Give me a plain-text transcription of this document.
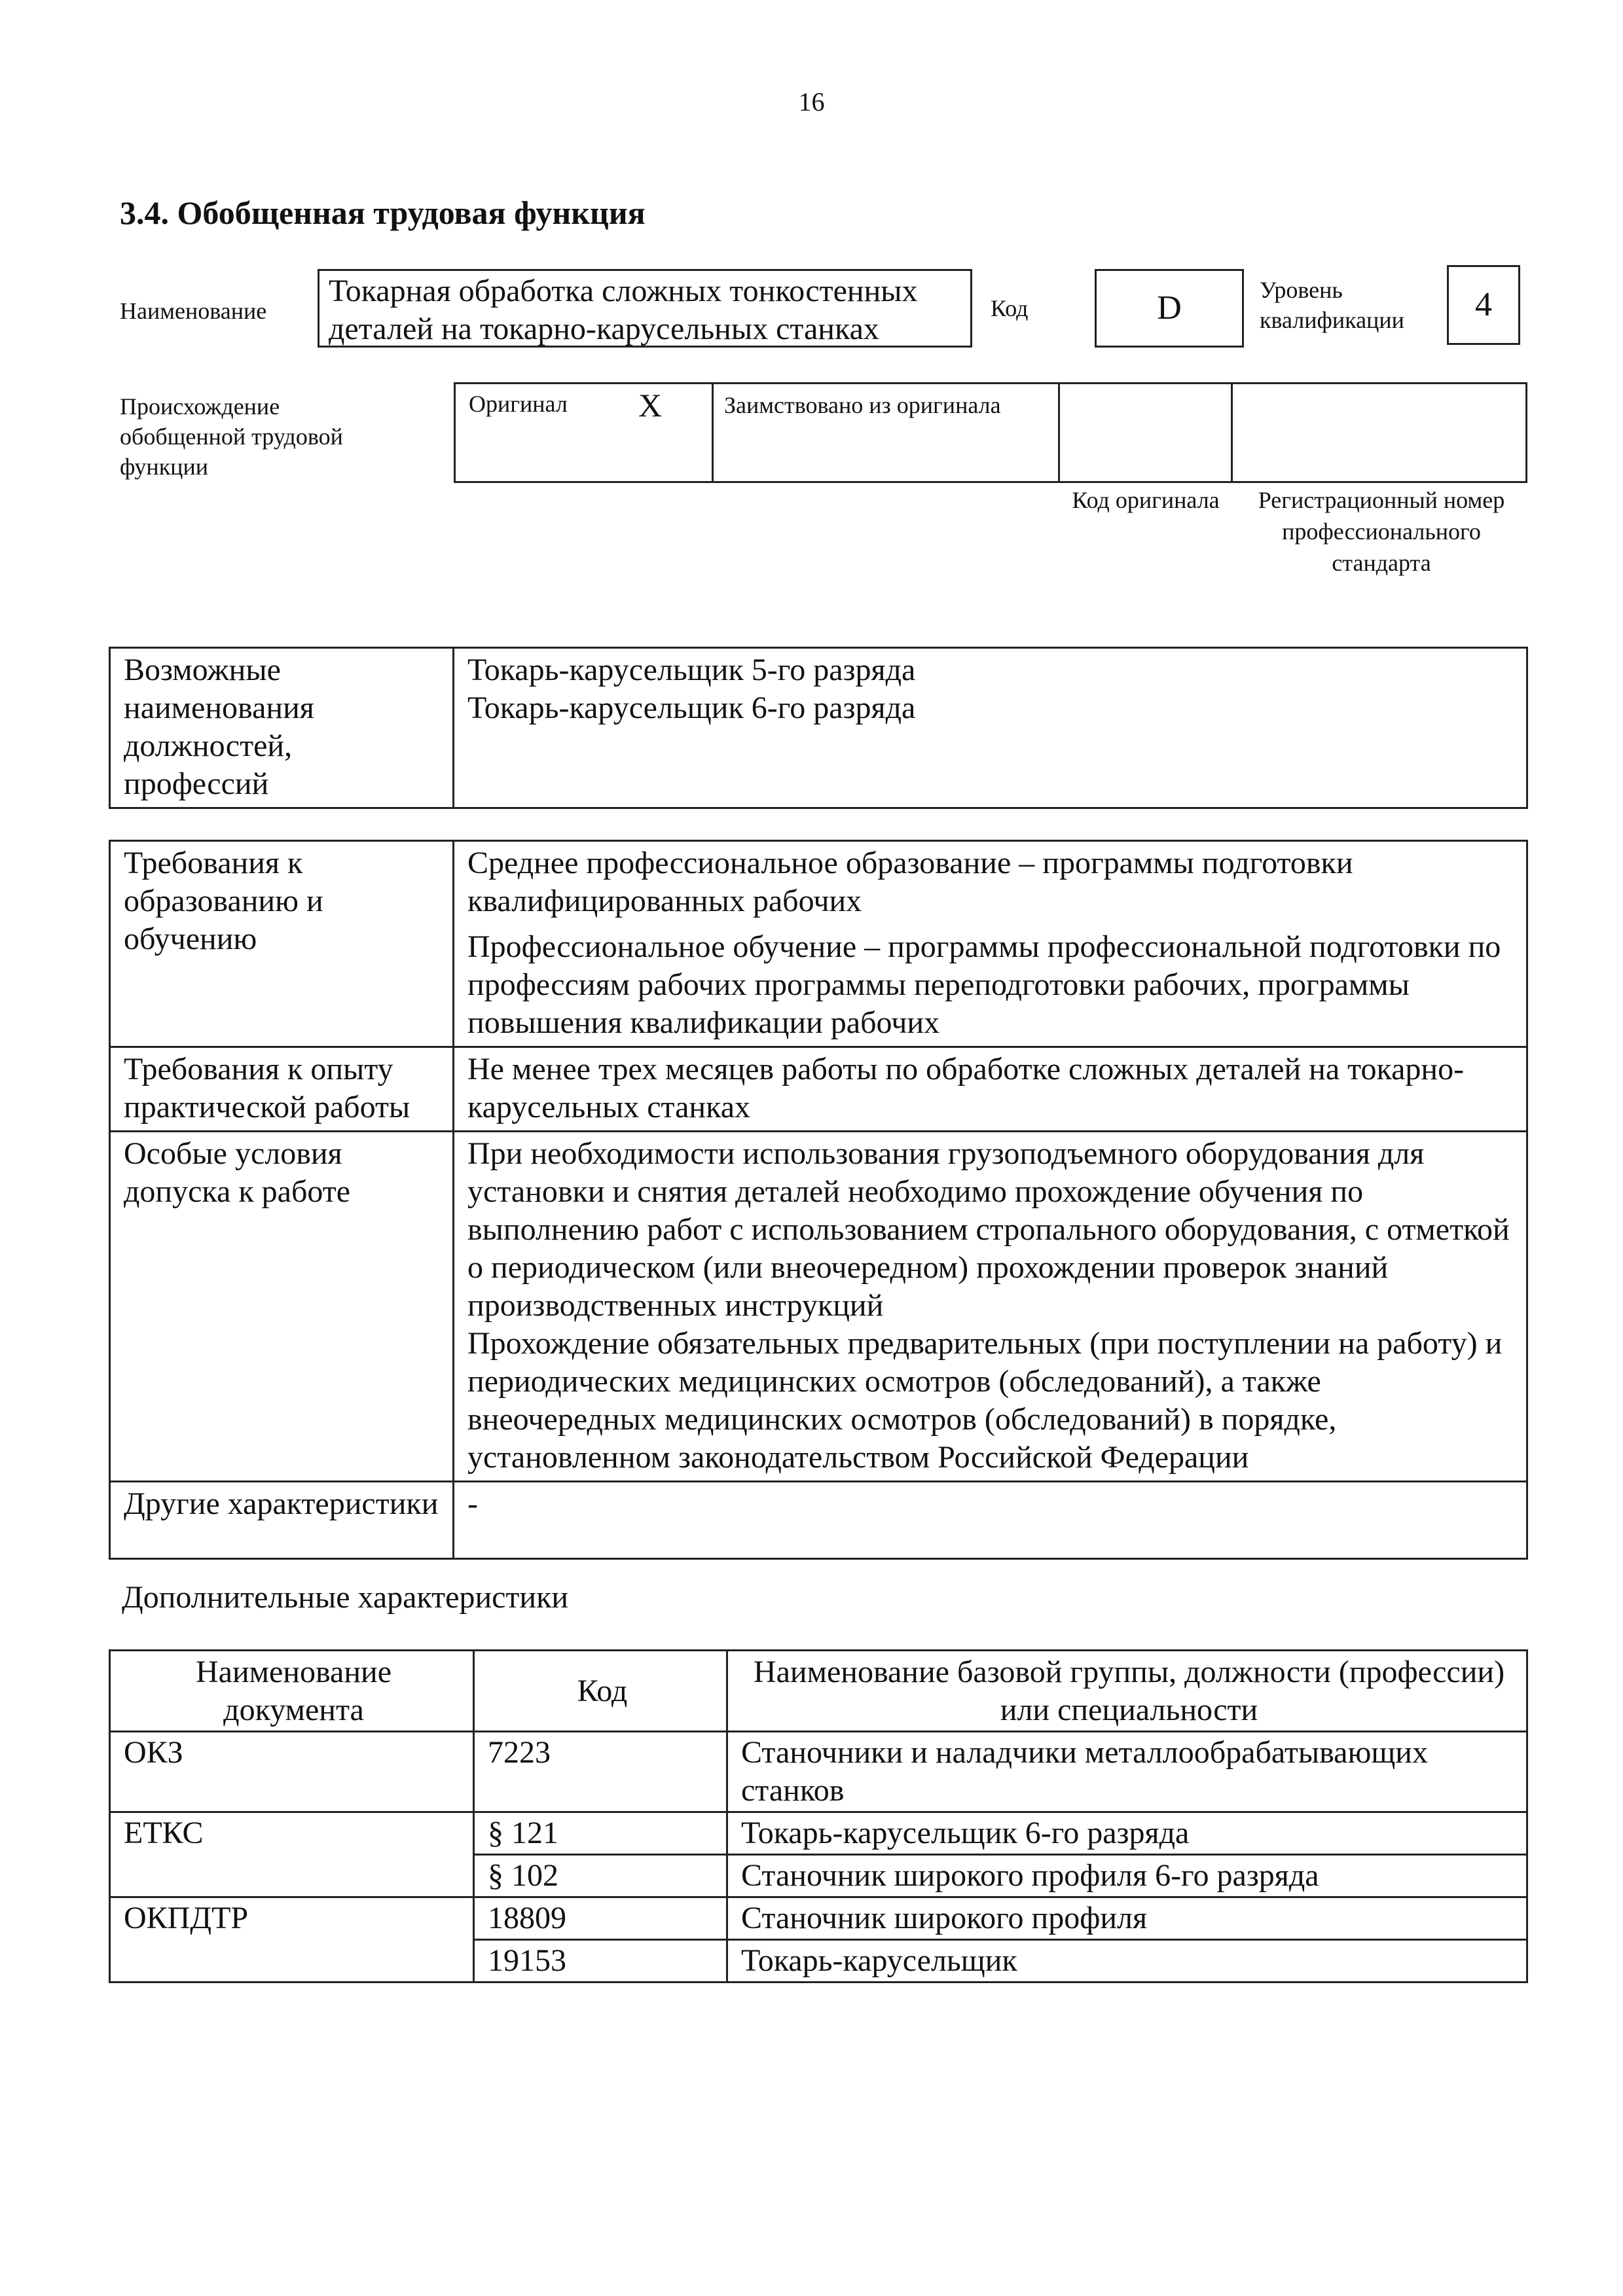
16
3.4. Обобщенная трудовая функция
Наименование
Токарная обработка сложных тонкостенных деталей на токарно-карусельных станках
Код	D	Уровень квалификации	4
Происхождение обобщенной трудовой функции
Оригинал X	Заимствовано из оригинала
Код оригинала	Регистрационный номер профессионального стандарта
Возможные наименования должностей, профессий	

Токарь-карусельщик 5-го разряда

Токарь-карусельщик 6-го разряда

Требования к образованию и обучению	Среднее профессиональное образование – программы подготовки квалифицированных рабочих

Профессиональное обучение – программы профессиональной подготовки по профессиям рабочих программы переподготовки рабочих, программы повышения квалификации рабочих

Требования к опыту практической работы	Не менее трех месяцев работы по обработке сложных деталей на токарно-карусельных станках
Особые условия допуска к работе	При необходимости использования грузоподъемного оборудования для установки и снятия деталей необходимо прохождение обучения по выполнению работ с использованием стропального оборудования, с отметкой о периодическом (или внеочередном) прохождении проверок знаний производственных инструкций

Прохождение обязательных предварительных (при поступлении на работу) и периодических медицинских осмотров (обследований), а также внеочередных медицинских осмотров (обследований) в порядке, установленном законодательством Российской Федерации

Другие характеристики	-
Дополнительные характеристики
Наименование документа	Код	Наименование базовой группы, должности (профессии) или специальности
ОКЗ	7223	Станочники и наладчики металлообрабатывающих станков
ЕТКС	§ 121	Токарь-карусельщик 6-го разряда
	§ 102	Станочник широкого профиля 6-го разряда
ОКПДТР	18809	Станочник широкого профиля
	19153	Токарь-карусельщик
